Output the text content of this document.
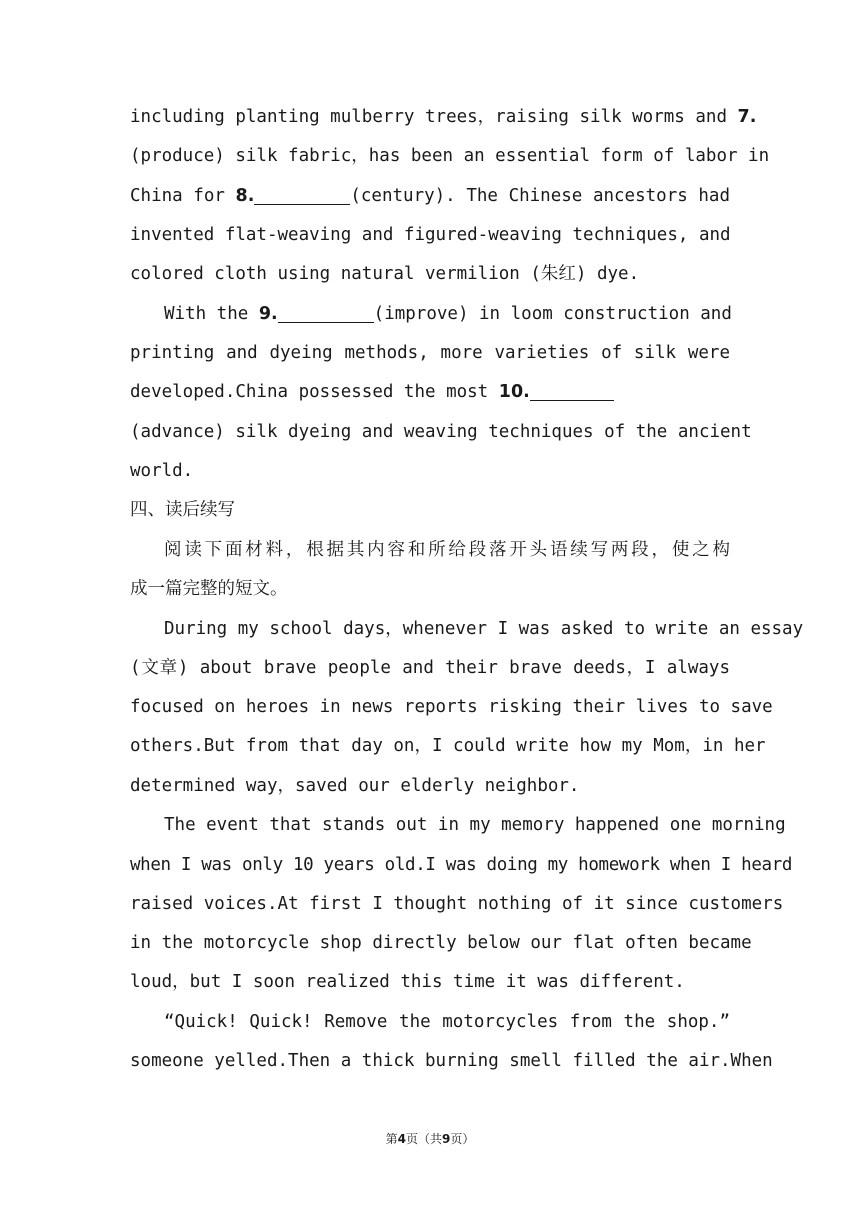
including planting mulberry trees，raising silk worms and 7.
(produce) silk fabric，has been an essential form of labor in
China for 8.	(century). The Chinese ancestors had
invented flat-weaving and figured-weaving techniques, and
colored cloth using natural vermilion (朱红) dye.
With the 9.	(improve) in loom construction and
printing and dyeing methods, more varieties of silk were
developed.China possessed the most 10.
(advance) silk dyeing and weaving techniques of the ancient
world.
四、读后续写
阅读下面材料，根据其内容和所给段落开头语续写两段，使之构
成一篇完整的短文。
During my school days，whenever I was asked to write an essay
(文章) about brave people and their brave deeds，I always
focused on heroes in news reports risking their lives to save
others.But from that day on，I could write how my Mom，in her
determined way，saved our elderly neighbor.
The event that stands out in my memory happened one morning
when I was only 10 years old.I was doing my homework when I heard
raised voices.At first I thought nothing of it since customers
in the motorcycle shop directly below our flat often became
loud，but I soon realized this time it was different.
“Quick! Quick! Remove the motorcycles from the shop.”
someone yelled.Then a thick burning smell filled the air.When
第4页（共9页）
